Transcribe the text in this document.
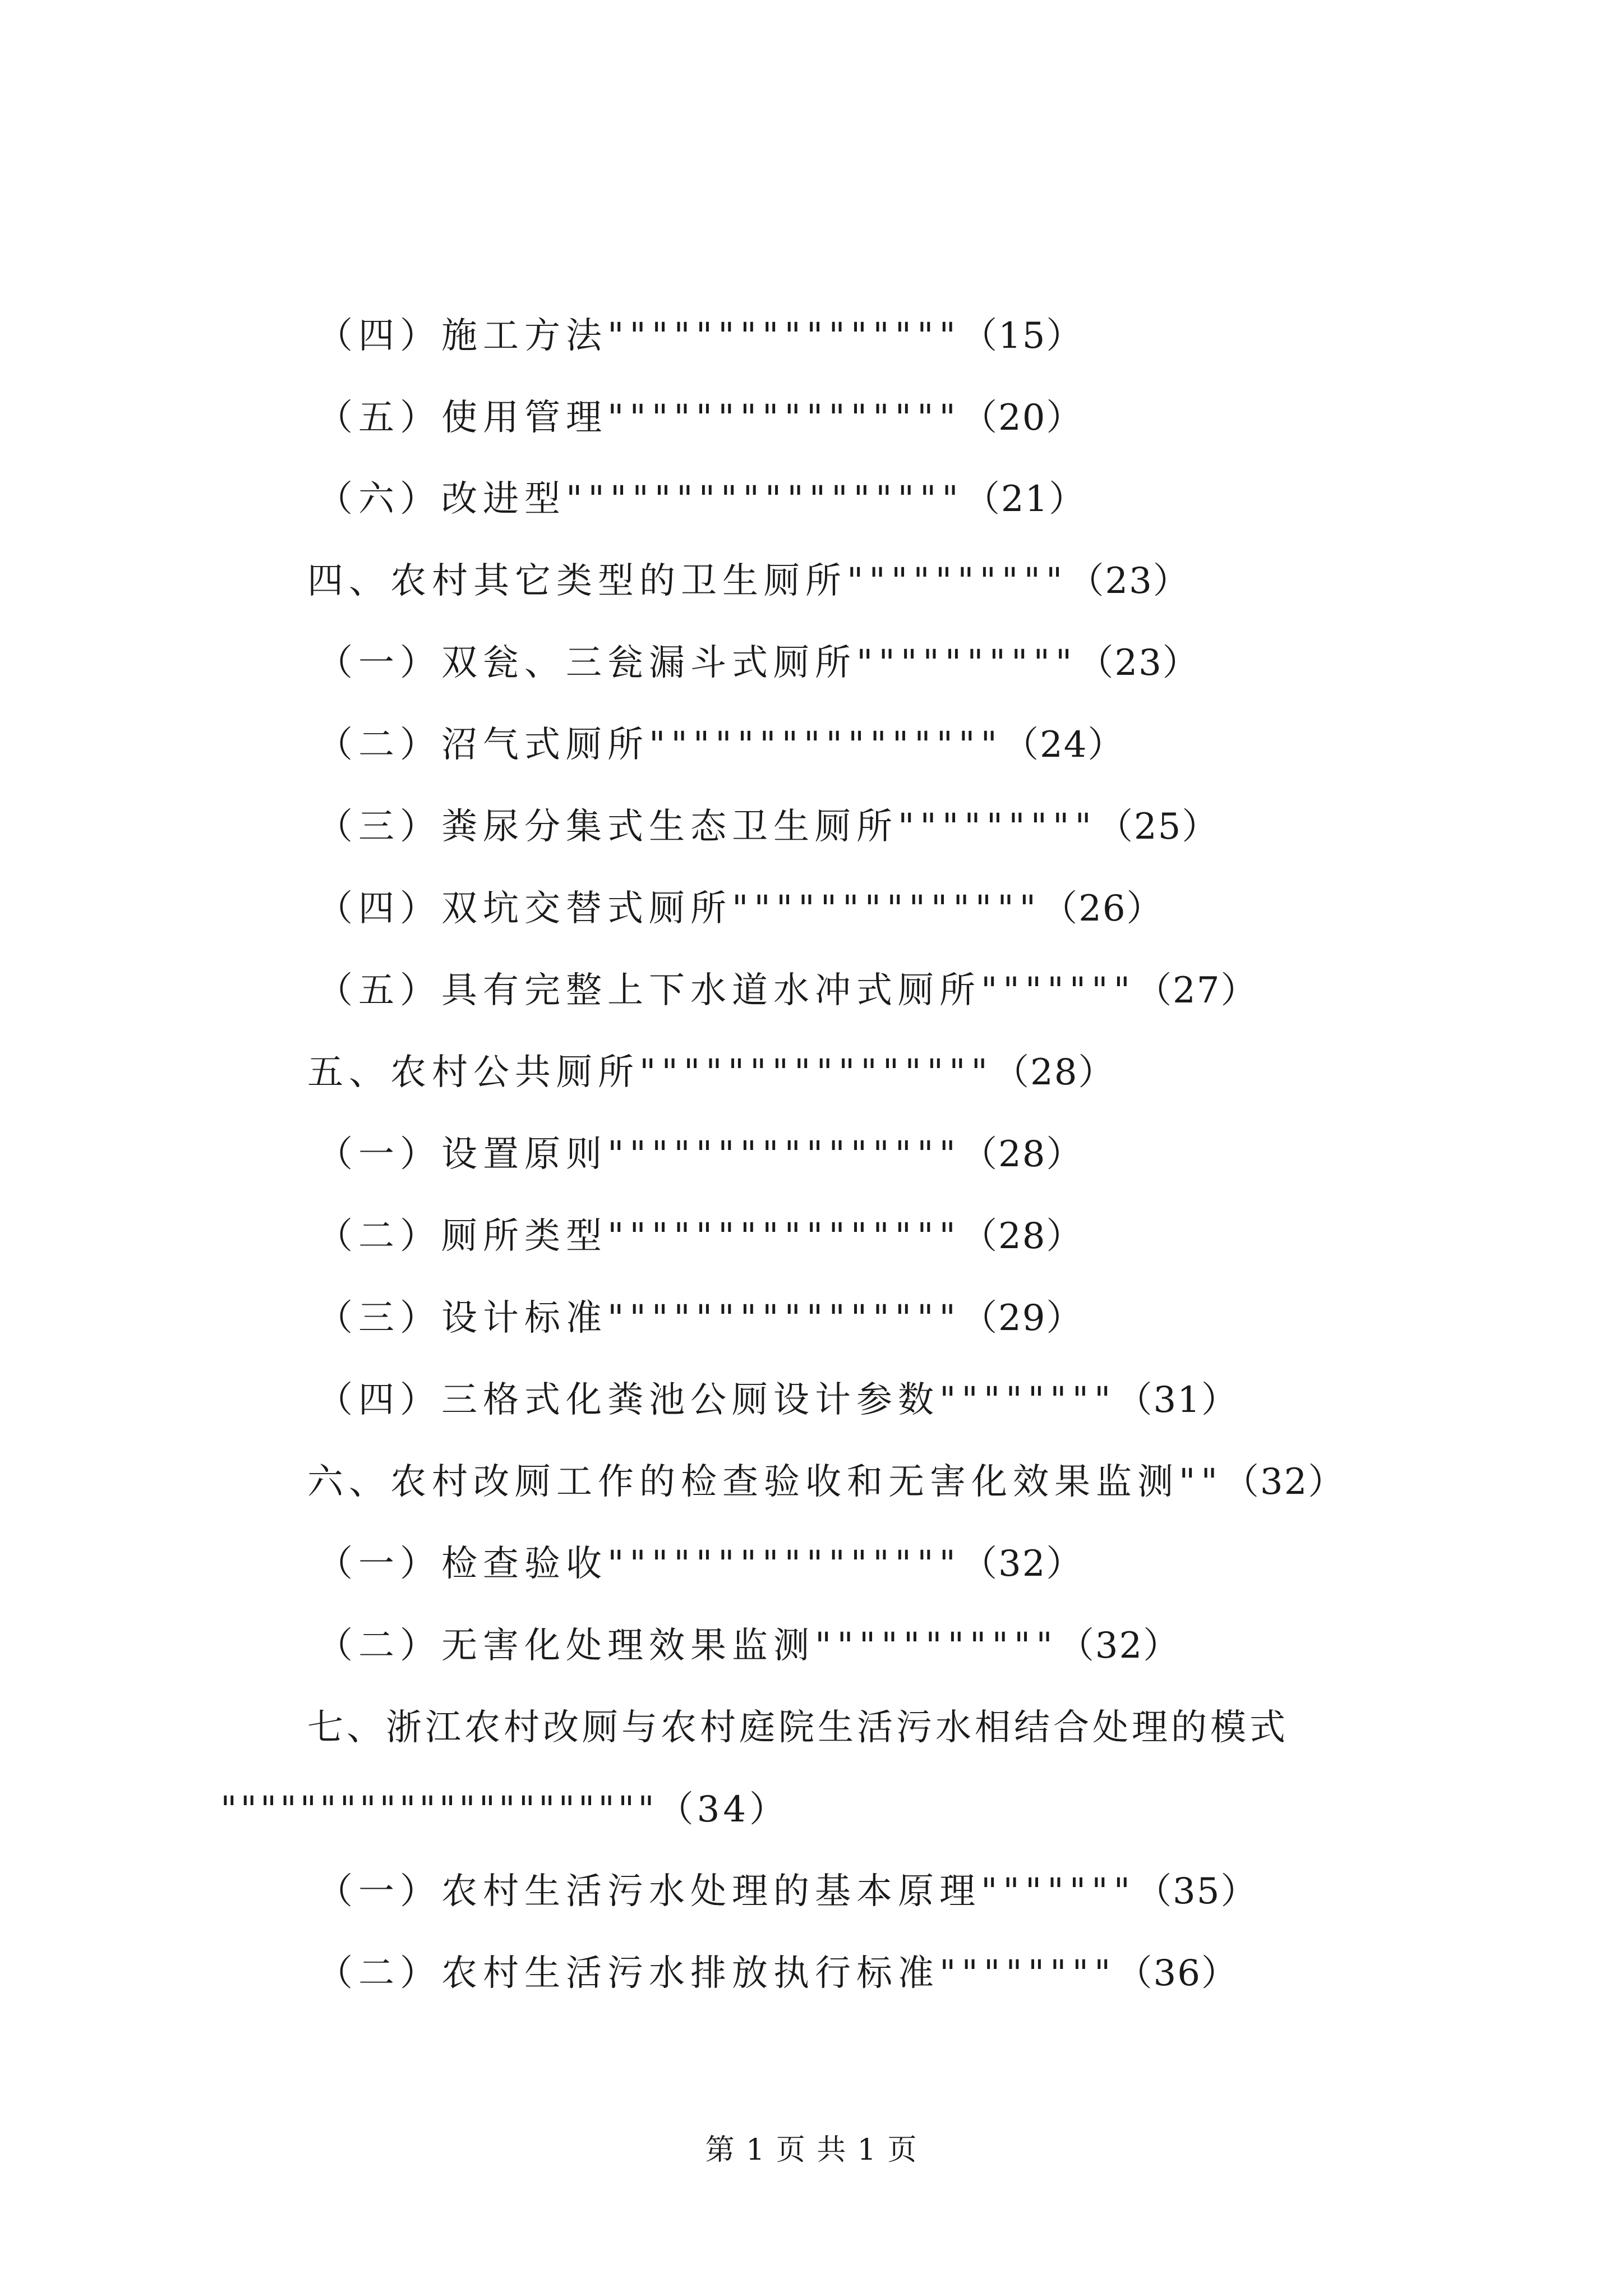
（四）施工方法""""""""""""""""（15）
（五）使用管理""""""""""""""""（20）
（六）改进型""""""""""""""""""（21）
四、农村其它类型的卫生厕所""""""""""（23）
（一）双瓮、三瓮漏斗式厕所""""""""""（23）
（二）沼气式厕所""""""""""""""""（24）
（三）粪尿分集式生态卫生厕所"""""""""（25）
（四）双坑交替式厕所""""""""""""""（26）
（五）具有完整上下水道水冲式厕所"""""""（27）
五、农村公共厕所""""""""""""""""（28）
（一）设置原则""""""""""""""""（28）
（二）厕所类型""""""""""""""""（28）
（三）设计标准""""""""""""""""（29）
（四）三格式化粪池公厕设计参数""""""""（31）
六、农村改厕工作的检查验收和无害化效果监测""（32）
（一）检查验收""""""""""""""""（32）
（二）无害化处理效果监测"""""""""""（32）
七、浙江农村改厕与农村庭院生活污水相结合处理的模式
""""""""""""""""""""""（34）
（一）农村生活污水处理的基本原理"""""""（35）
（二）农村生活污水排放执行标准""""""""（36）
第 1 页 共 1 页
